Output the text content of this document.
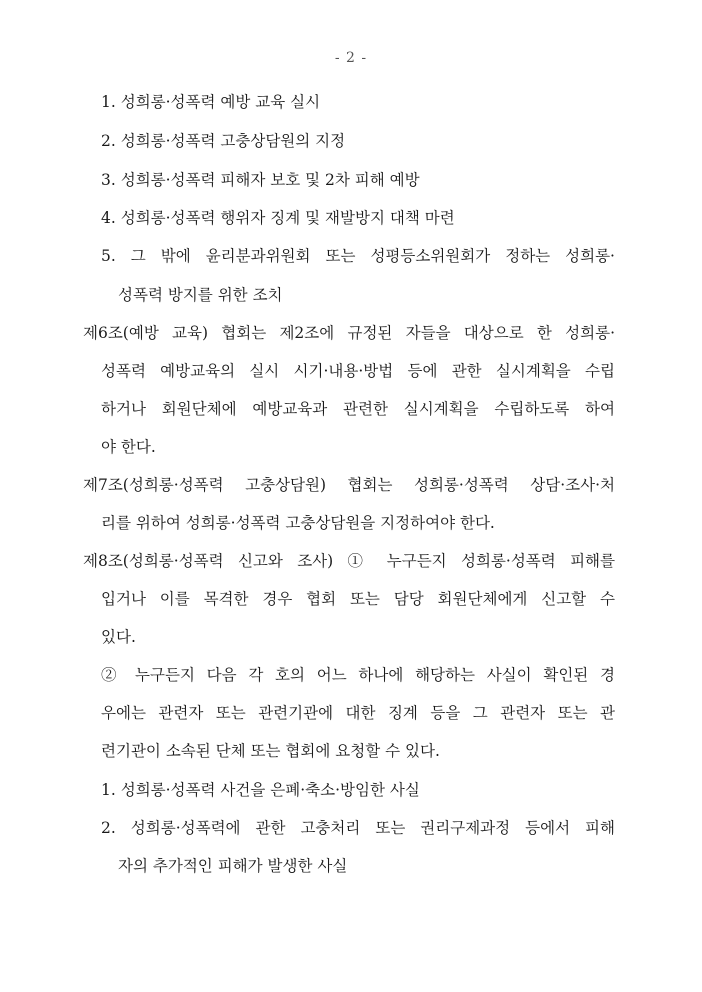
- 2 -
1. 성희롱·성폭력 예방 교육 실시
2. 성희롱·성폭력 고충상담원의 지정
3. 성희롱·성폭력 피해자 보호 및 2차 피해 예방
4. 성희롱·성폭력 행위자 징계 및 재발방지 대책 마련
5. 그 밖에 윤리분과위원회 또는 성평등소위원회가 정하는 성희롱·
성폭력 방지를 위한 조치
제6조(예방 교육) 협회는 제2조에 규정된 자들을 대상으로 한 성희롱·
성폭력 예방교육의 실시 시기·내용·방법 등에 관한 실시계획을 수립
하거나 회원단체에 예방교육과 관련한 실시계획을 수립하도록 하여
야 한다.
제7조(성희롱·성폭력 고충상담원) 협회는 성희롱·성폭력 상담·조사·처
리를 위하여 성희롱·성폭력 고충상담원을 지정하여야 한다.
제8조(성희롱·성폭력 신고와 조사) ① 누구든지 성희롱·성폭력 피해를
입거나 이를 목격한 경우 협회 또는 담당 회원단체에게 신고할 수
있다.
② 누구든지 다음 각 호의 어느 하나에 해당하는 사실이 확인된 경
우에는 관련자 또는 관련기관에 대한 징계 등을 그 관련자 또는 관
련기관이 소속된 단체 또는 협회에 요청할 수 있다.
1. 성희롱·성폭력 사건을 은폐·축소·방임한 사실
2. 성희롱·성폭력에 관한 고충처리 또는 권리구제과정 등에서 피해
자의 추가적인 피해가 발생한 사실
